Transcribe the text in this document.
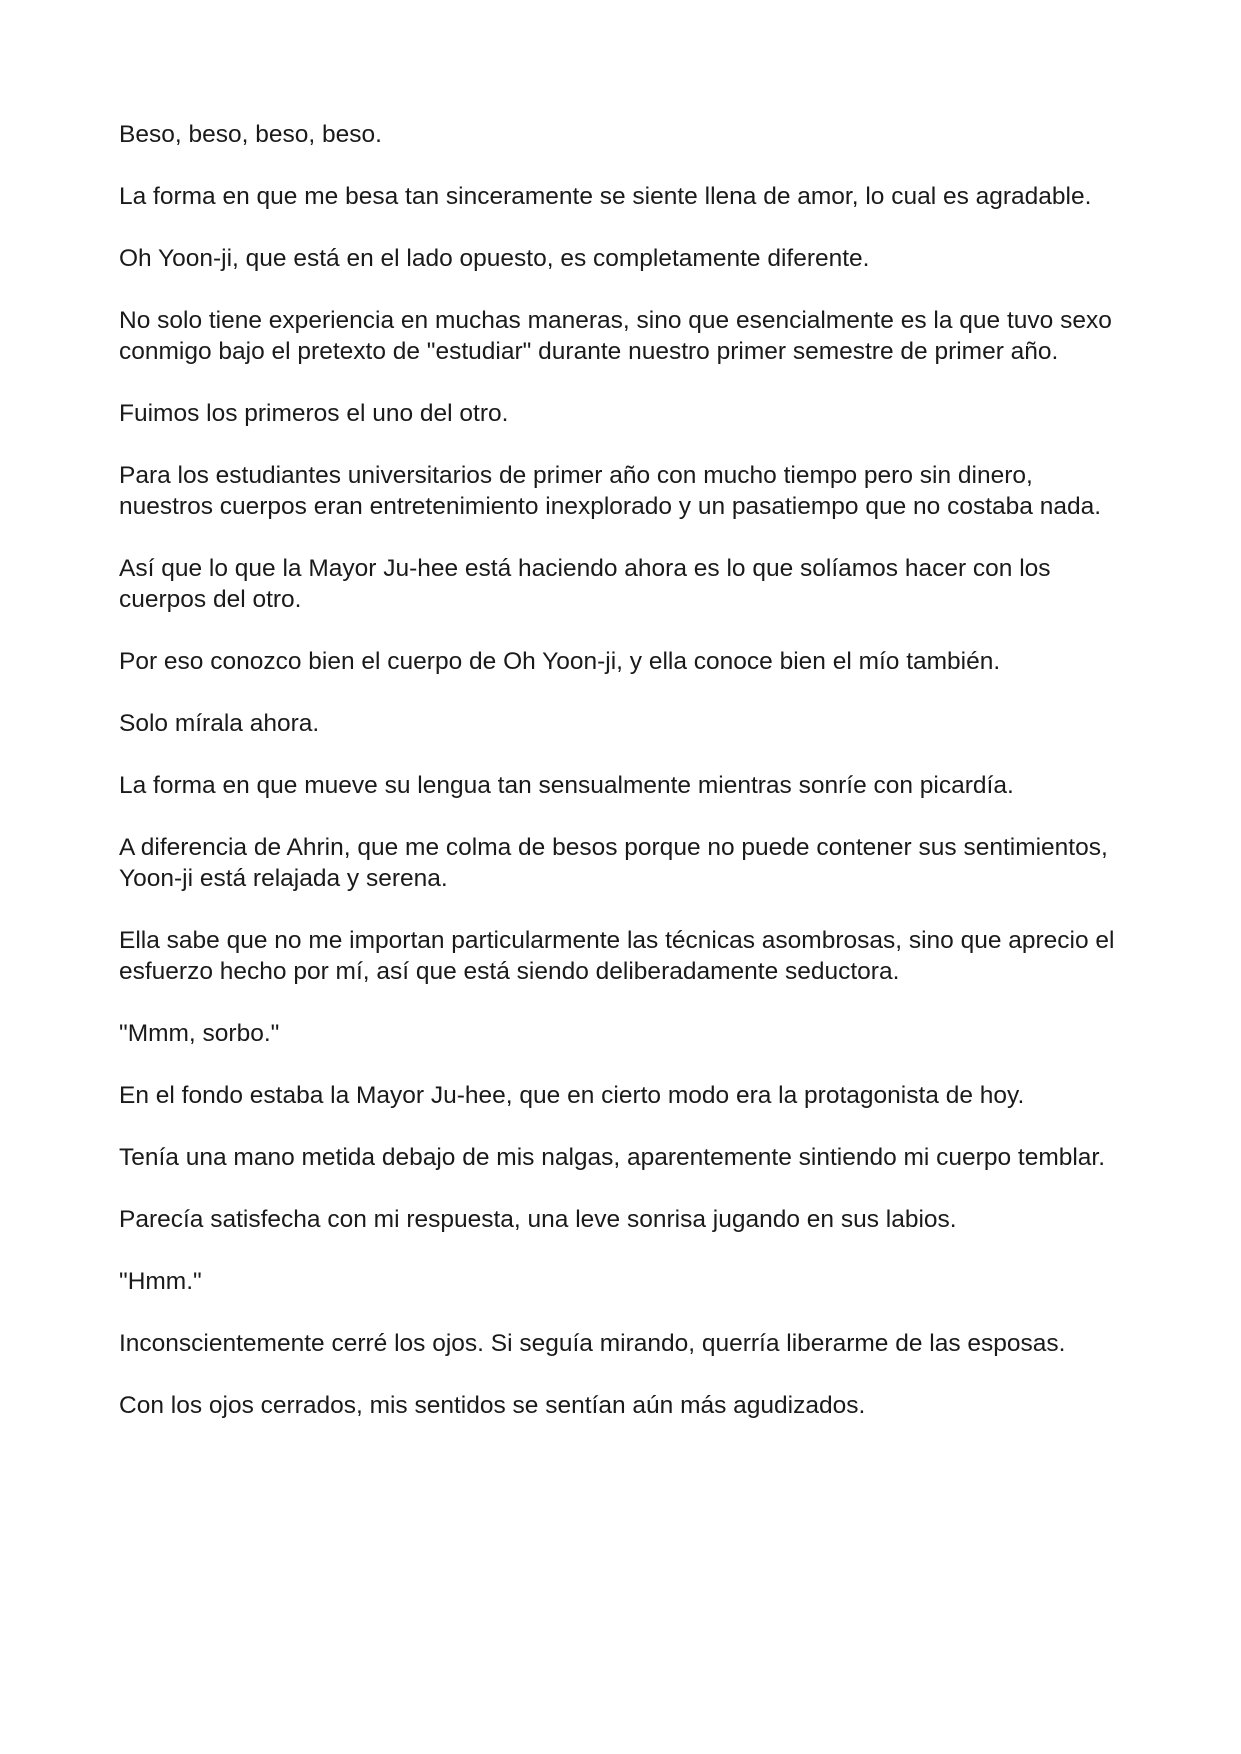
Beso, beso, beso, beso.

La forma en que me besa tan sinceramente se siente llena de amor, lo cual es agradable.

Oh Yoon-ji, que está en el lado opuesto, es completamente diferente.

No solo tiene experiencia en muchas maneras, sino que esencialmente es la que tuvo sexo conmigo bajo el pretexto de "estudiar" durante nuestro primer semestre de primer año.

Fuimos los primeros el uno del otro.

Para los estudiantes universitarios de primer año con mucho tiempo pero sin dinero, nuestros cuerpos eran entretenimiento inexplorado y un pasatiempo que no costaba nada.

Así que lo que la Mayor Ju-hee está haciendo ahora es lo que solíamos hacer con los cuerpos del otro.

Por eso conozco bien el cuerpo de Oh Yoon-ji, y ella conoce bien el mío también.

Solo mírala ahora.

La forma en que mueve su lengua tan sensualmente mientras sonríe con picardía.

A diferencia de Ahrin, que me colma de besos porque no puede contener sus sentimientos, Yoon-ji está relajada y serena.

Ella sabe que no me importan particularmente las técnicas asombrosas, sino que aprecio el esfuerzo hecho por mí, así que está siendo deliberadamente seductora.

"Mmm, sorbo."

En el fondo estaba la Mayor Ju-hee, que en cierto modo era la protagonista de hoy.

Tenía una mano metida debajo de mis nalgas, aparentemente sintiendo mi cuerpo temblar.

Parecía satisfecha con mi respuesta, una leve sonrisa jugando en sus labios.

"Hmm."

Inconscientemente cerré los ojos. Si seguía mirando, querría liberarme de las esposas.

Con los ojos cerrados, mis sentidos se sentían aún más agudizados.
